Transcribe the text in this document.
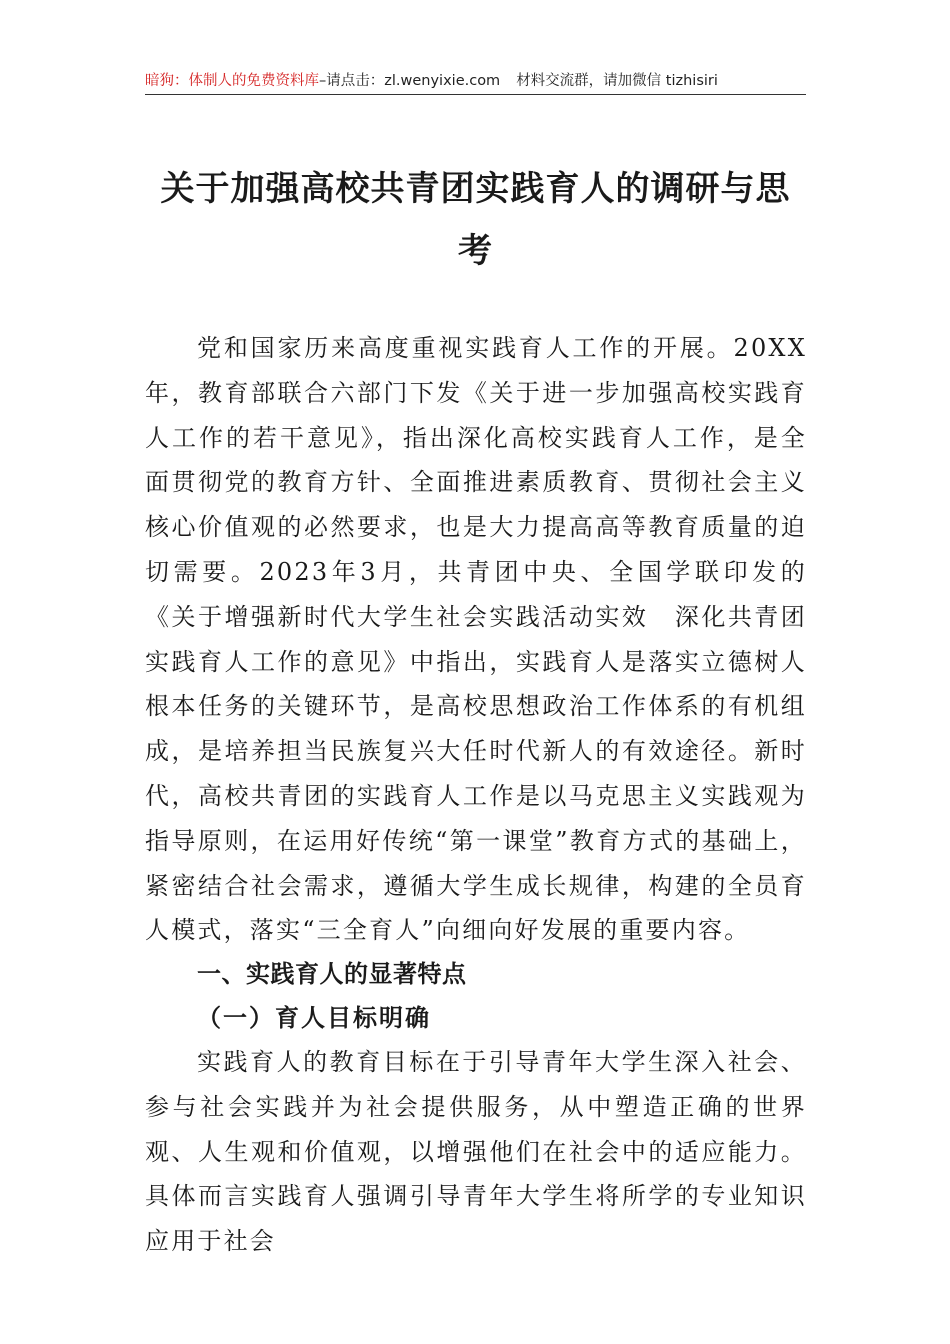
暗狗：体制人的免费资料库–请点击：zl.wenyixie.com 材料交流群，请加微信 tizhisiri
关于加强高校共青团实践育人的调研与思考
党和国家历来高度重视实践育人工作的开展。20XX年，教育部联合六部门下发《关于进一步加强高校实践育人工作的若干意见》，指出深化高校实践育人工作，是全面贯彻党的教育方针、全面推进素质教育、贯彻社会主义核心价值观的必然要求，也是大力提高高等教育质量的迫切需要。2023年3月，共青团中央、全国学联印发的《关于增强新时代大学生社会实践活动实效　深化共青团实践育人工作的意见》中指出，实践育人是落实立德树人根本任务的关键环节，是高校思想政治工作体系的有机组成，是培养担当民族复兴大任时代新人的有效途径。新时代，高校共青团的实践育人工作是以马克思主义实践观为指导原则，在运用好传统“第一课堂”教育方式的基础上，紧密结合社会需求，遵循大学生成长规律，构建的全员育人模式，落实“三全育人”向细向好发展的重要内容。
一、实践育人的显著特点
（一）育人目标明确
实践育人的教育目标在于引导青年大学生深入社会、参与社会实践并为社会提供服务，从中塑造正确的世界观、人生观和价值观，以增强他们在社会中的适应能力。具体而言实践育人强调引导青年大学生将所学的专业知识应用于社会
